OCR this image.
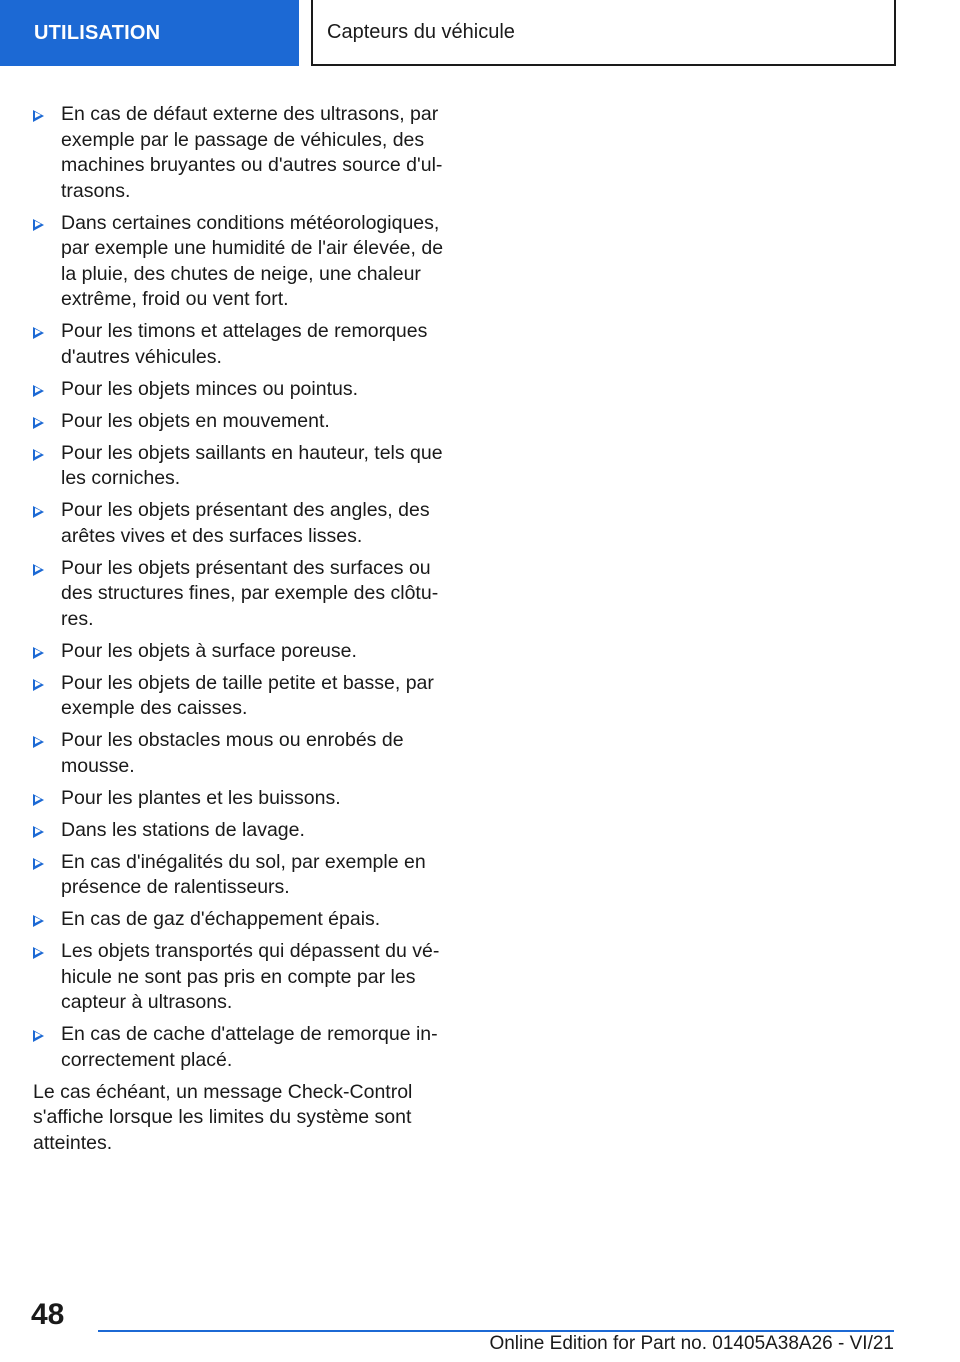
UTILISATION	Capteurs du véhicule
En cas de défaut externe des ultrasons, par exemple par le passage de véhicules, des machines bruyantes ou d'autres source d'ultrasons.
Dans certaines conditions météorologiques, par exemple une humidité de l'air élevée, de la pluie, des chutes de neige, une chaleur extrême, froid ou vent fort.
Pour les timons et attelages de remorques d'autres véhicules.
Pour les objets minces ou pointus.
Pour les objets en mouvement.
Pour les objets saillants en hauteur, tels que les corniches.
Pour les objets présentant des angles, des arêtes vives et des surfaces lisses.
Pour les objets présentant des surfaces ou des structures fines, par exemple des clôtures.
Pour les objets à surface poreuse.
Pour les objets de taille petite et basse, par exemple des caisses.
Pour les obstacles mous ou enrobés de mousse.
Pour les plantes et les buissons.
Dans les stations de lavage.
En cas d'inégalités du sol, par exemple en présence de ralentisseurs.
En cas de gaz d'échappement épais.
Les objets transportés qui dépassent du véhicule ne sont pas pris en compte par les capteur à ultrasons.
En cas de cache d'attelage de remorque incorrectement placé.

Le cas échéant, un message Check-Control s'affiche lorsque les limites du système sont atteintes.

48
Online Edition for Part no. 01405A38A26 - VI/21
